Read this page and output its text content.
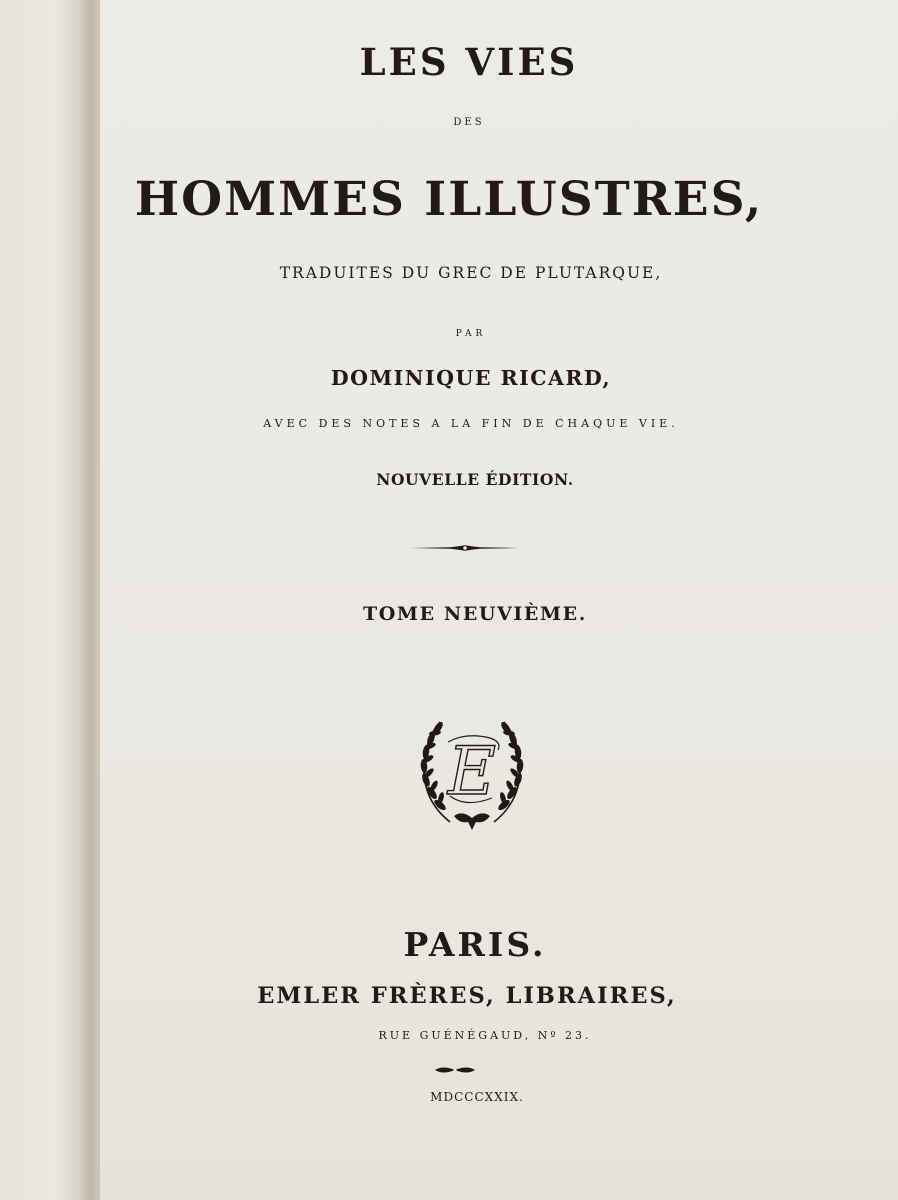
LES VIES

DES

HOMMES ILLUSTRES,

TRADUITES DU GREC DE PLUTARQUE,

PAR

DOMINIQUE RICARD,

AVEC DES NOTES A LA FIN DE CHAQUE VIE.

NOUVELLE ÉDITION.

TOME NEUVIÈME.

E

PARIS.

EMLER FRÈRES, LIBRAIRES,

RUE GUÉNÉGAUD, Nº 23.

MDCCCXXIX.
